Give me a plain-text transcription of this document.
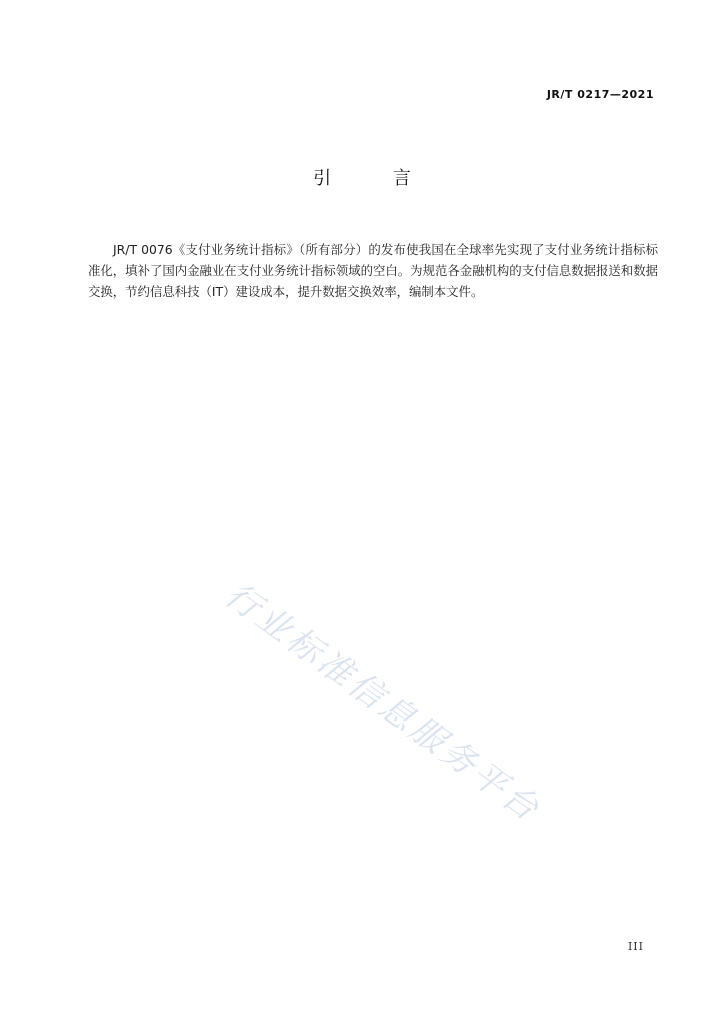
JR/T 0217—2021
引 言

JR/T 0076《支付业务统计指标》（所有部分）的发布使我国在全球率先实现了支付业务统计指标标准化，填补了国内金融业在支付业务统计指标领域的空白。为规范各金融机构的支付信息数据报送和数据交换，节约信息科技（IT）建设成本，提升数据交换效率，编制本文件。

行业标准信息服务平台
III
